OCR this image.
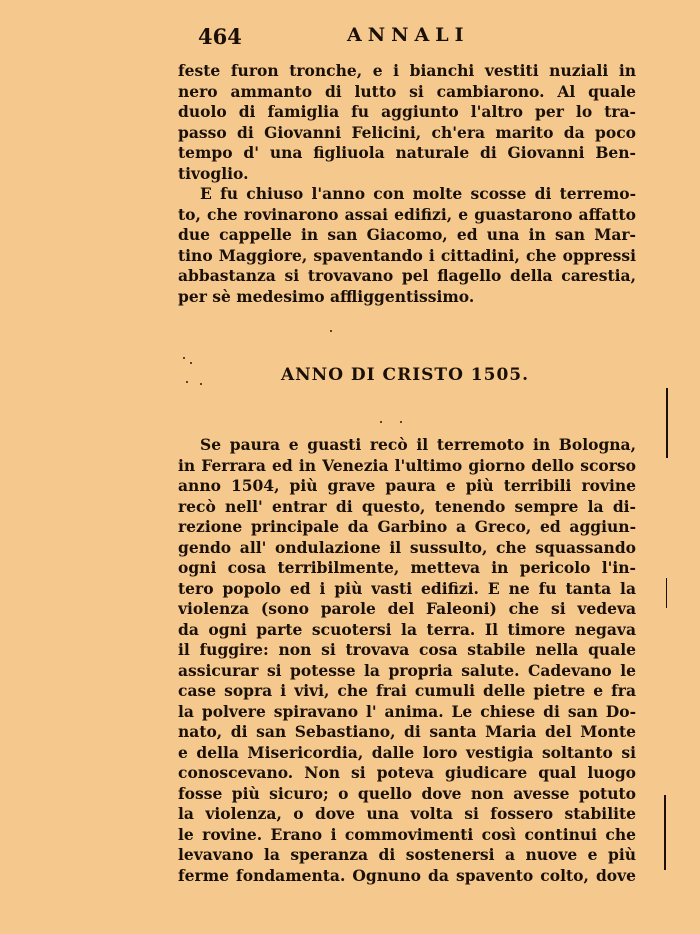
464	ANNALI
feste furon tronche, e i bianchi vestiti nuziali in
nero ammanto di lutto si cambiarono. Al quale
duolo di famiglia fu aggiunto l'altro per lo tra-
passo di Giovanni Felicini, ch'era marito da poco
tempo d' una figliuola naturale di Giovanni Ben-
tivoglio.
E fu chiuso l'anno con molte scosse di terremo-
to, che rovinarono assai edifizi, e guastarono affatto
due cappelle in san Giacomo, ed una in san Mar-
tino Maggiore, spaventando i cittadini, che oppressi
abbastanza si trovavano pel flagello della carestia,
per sè medesimo affliggentissimo.
ANNO DI CRISTO 1505.
Se paura e guasti recò il terremoto in Bologna,
in Ferrara ed in Venezia l'ultimo giorno dello scorso
anno 1504, più grave paura e più terribili rovine
recò nell' entrar di questo, tenendo sempre la di-
rezione principale da Garbino a Greco, ed aggiun-
gendo all' ondulazione il sussulto, che squassando
ogni cosa terribilmente, metteva in pericolo l'in-
tero popolo ed i più vasti edifizi. E ne fu tanta la
violenza (sono parole del Faleoni) che si vedeva
da ogni parte scuotersi la terra. Il timore negava
il fuggire: non si trovava cosa stabile nella quale
assicurar si potesse la propria salute. Cadevano le
case sopra i vivi, che frai cumuli delle pietre e fra
la polvere spiravano l' anima. Le chiese di san Do-
nato, di san Sebastiano, di santa Maria del Monte
e della Misericordia, dalle loro vestigia soltanto si
conoscevano. Non si poteva giudicare qual luogo
fosse più sicuro; o quello dove non avesse potuto
la violenza, o dove una volta si fossero stabilite
le rovine. Erano i commovimenti così continui che
levavano la speranza di sostenersi a nuove e più
ferme fondamenta. Ognuno da spavento colto, dove
